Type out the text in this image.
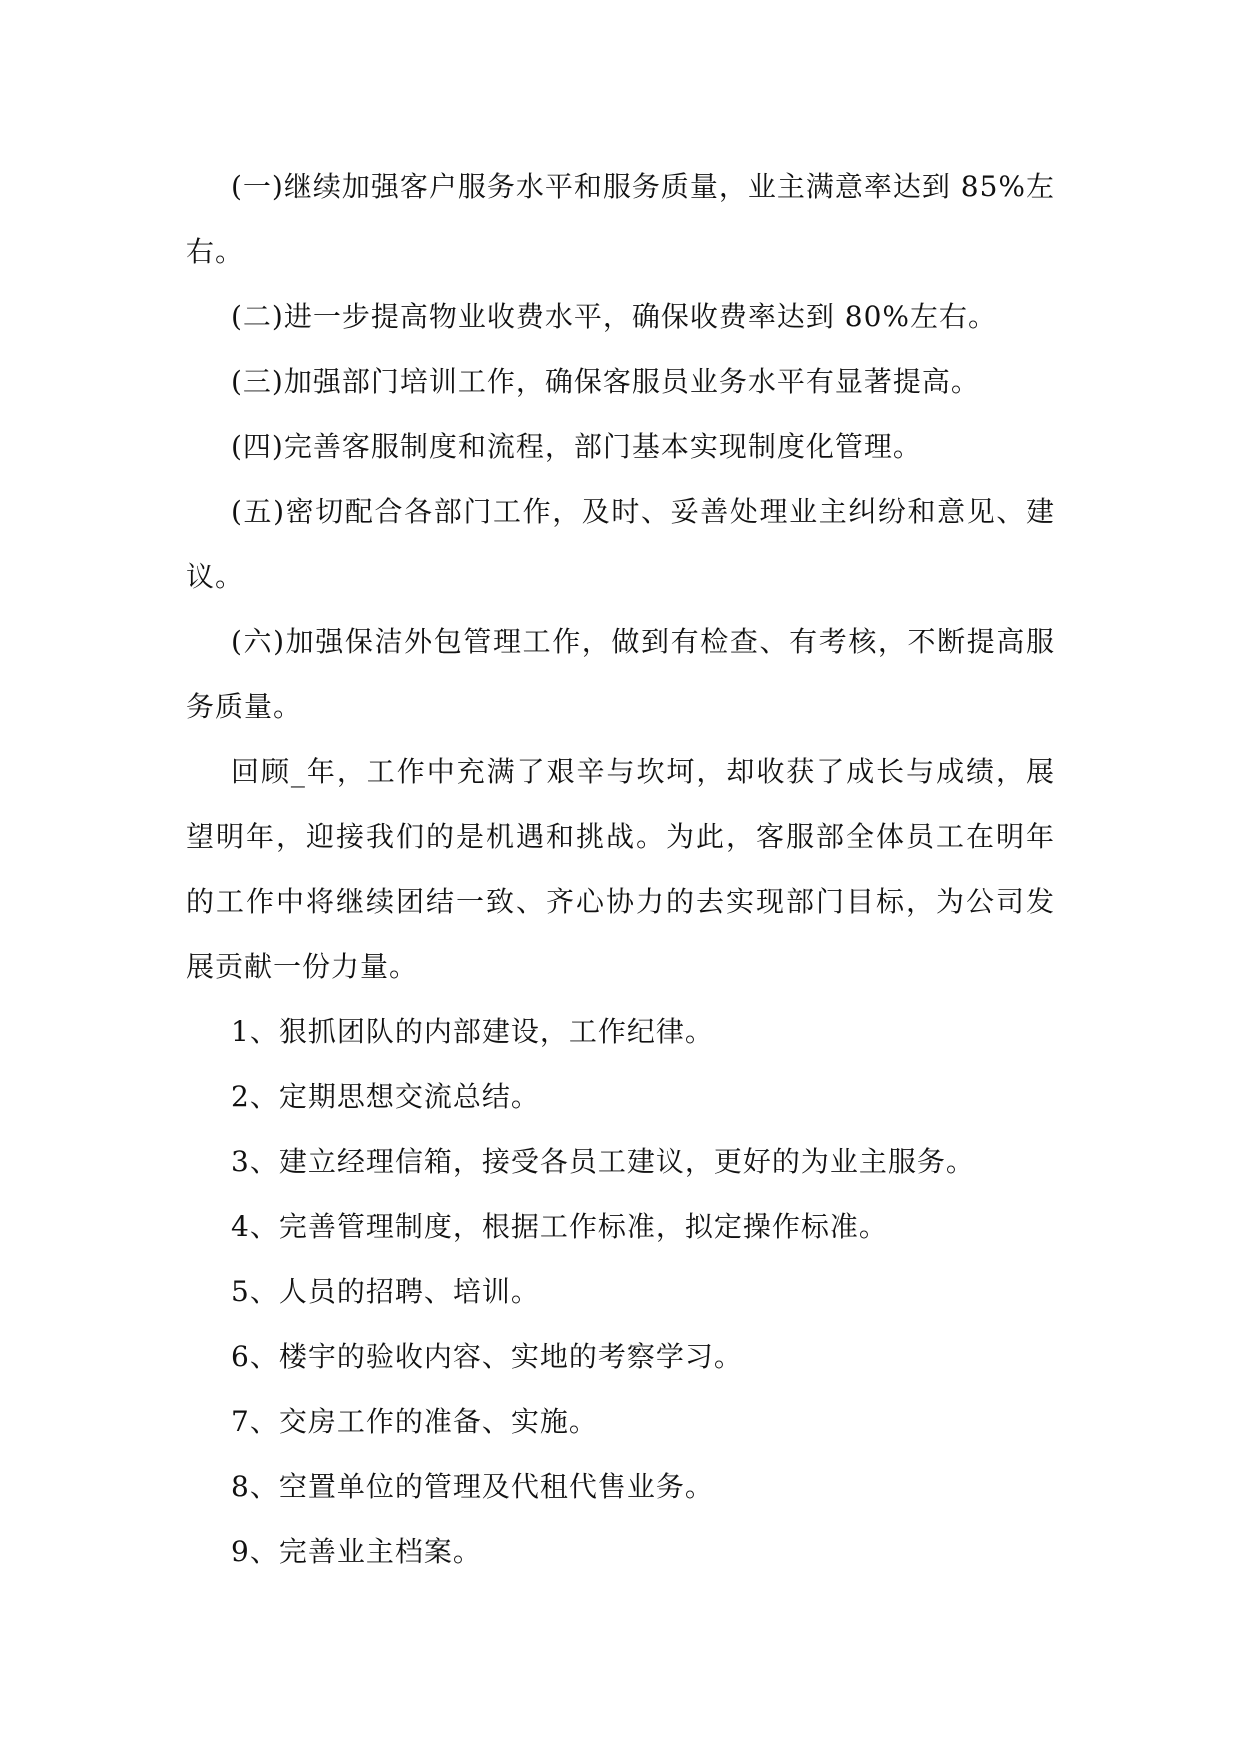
(一)继续加强客户服务水平和服务质量，业主满意率达到 85%左右。

(二)进一步提高物业收费水平，确保收费率达到 80%左右。

(三)加强部门培训工作，确保客服员业务水平有显著提高。

(四)完善客服制度和流程，部门基本实现制度化管理。

(五)密切配合各部门工作，及时、妥善处理业主纠纷和意见、建议。

(六)加强保洁外包管理工作，做到有检查、有考核，不断提高服务质量。

回顾_年，工作中充满了艰辛与坎坷，却收获了成长与成绩，展望明年，迎接我们的是机遇和挑战。为此，客服部全体员工在明年的工作中将继续团结一致、齐心协力的去实现部门目标，为公司发展贡献一份力量。

1、狠抓团队的内部建设，工作纪律。

2、定期思想交流总结。

3、建立经理信箱，接受各员工建议，更好的为业主服务。

4、完善管理制度，根据工作标准，拟定操作标准。

5、人员的招聘、培训。

6、楼宇的验收内容、实地的考察学习。

7、交房工作的准备、实施。

8、空置单位的管理及代租代售业务。

9、完善业主档案。
